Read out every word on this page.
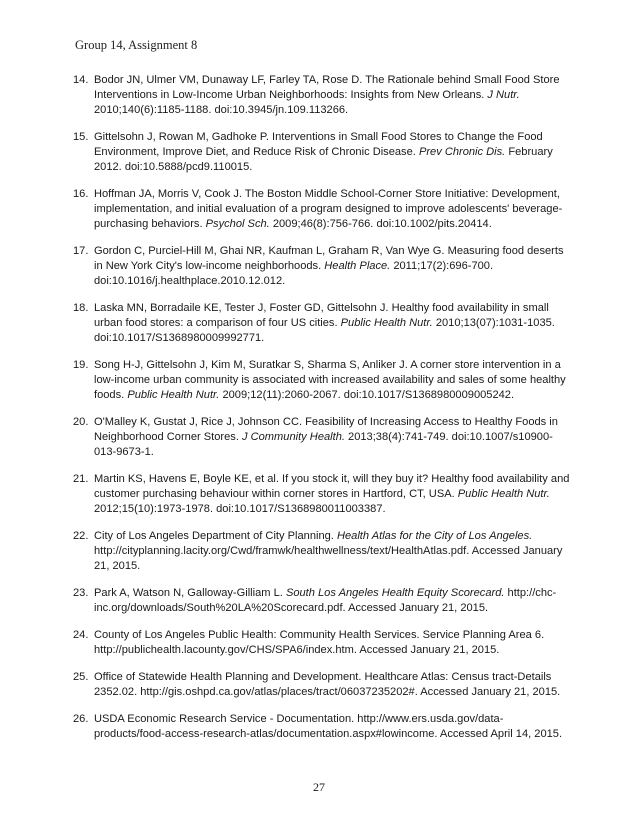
Group 14, Assignment 8
14. Bodor JN, Ulmer VM, Dunaway LF, Farley TA, Rose D. The Rationale behind Small Food Store Interventions in Low-Income Urban Neighborhoods: Insights from New Orleans. J Nutr. 2010;140(6):1185-1188. doi:10.3945/jn.109.113266.
15. Gittelsohn J, Rowan M, Gadhoke P. Interventions in Small Food Stores to Change the Food Environment, Improve Diet, and Reduce Risk of Chronic Disease. Prev Chronic Dis. February 2012. doi:10.5888/pcd9.110015.
16. Hoffman JA, Morris V, Cook J. The Boston Middle School-Corner Store Initiative: Development, implementation, and initial evaluation of a program designed to improve adolescents' beverage-purchasing behaviors. Psychol Sch. 2009;46(8):756-766. doi:10.1002/pits.20414.
17. Gordon C, Purciel-Hill M, Ghai NR, Kaufman L, Graham R, Van Wye G. Measuring food deserts in New York City's low-income neighborhoods. Health Place. 2011;17(2):696-700. doi:10.1016/j.healthplace.2010.12.012.
18. Laska MN, Borradaile KE, Tester J, Foster GD, Gittelsohn J. Healthy food availability in small urban food stores: a comparison of four US cities. Public Health Nutr. 2010;13(07):1031-1035. doi:10.1017/S1368980009992771.
19. Song H-J, Gittelsohn J, Kim M, Suratkar S, Sharma S, Anliker J. A corner store intervention in a low-income urban community is associated with increased availability and sales of some healthy foods. Public Health Nutr. 2009;12(11):2060-2067. doi:10.1017/S1368980009005242.
20. O'Malley K, Gustat J, Rice J, Johnson CC. Feasibility of Increasing Access to Healthy Foods in Neighborhood Corner Stores. J Community Health. 2013;38(4):741-749. doi:10.1007/s10900-013-9673-1.
21. Martin KS, Havens E, Boyle KE, et al. If you stock it, will they buy it? Healthy food availability and customer purchasing behaviour within corner stores in Hartford, CT, USA. Public Health Nutr. 2012;15(10):1973-1978. doi:10.1017/S1368980011003387.
22. City of Los Angeles Department of City Planning. Health Atlas for the City of Los Angeles. http://cityplanning.lacity.org/Cwd/framwk/healthwellness/text/HealthAtlas.pdf. Accessed January 21, 2015.
23. Park A, Watson N, Galloway-Gilliam L. South Los Angeles Health Equity Scorecard. http://chc-inc.org/downloads/South%20LA%20Scorecard.pdf. Accessed January 21, 2015.
24. County of Los Angeles Public Health: Community Health Services. Service Planning Area 6. http://publichealth.lacounty.gov/CHS/SPA6/index.htm. Accessed January 21, 2015.
25. Office of Statewide Health Planning and Development. Healthcare Atlas: Census tract-Details 2352.02. http://gis.oshpd.ca.gov/atlas/places/tract/06037235202#. Accessed January 21, 2015.
26. USDA Economic Research Service - Documentation. http://www.ers.usda.gov/data-products/food-access-research-atlas/documentation.aspx#lowincome. Accessed April 14, 2015.
27
